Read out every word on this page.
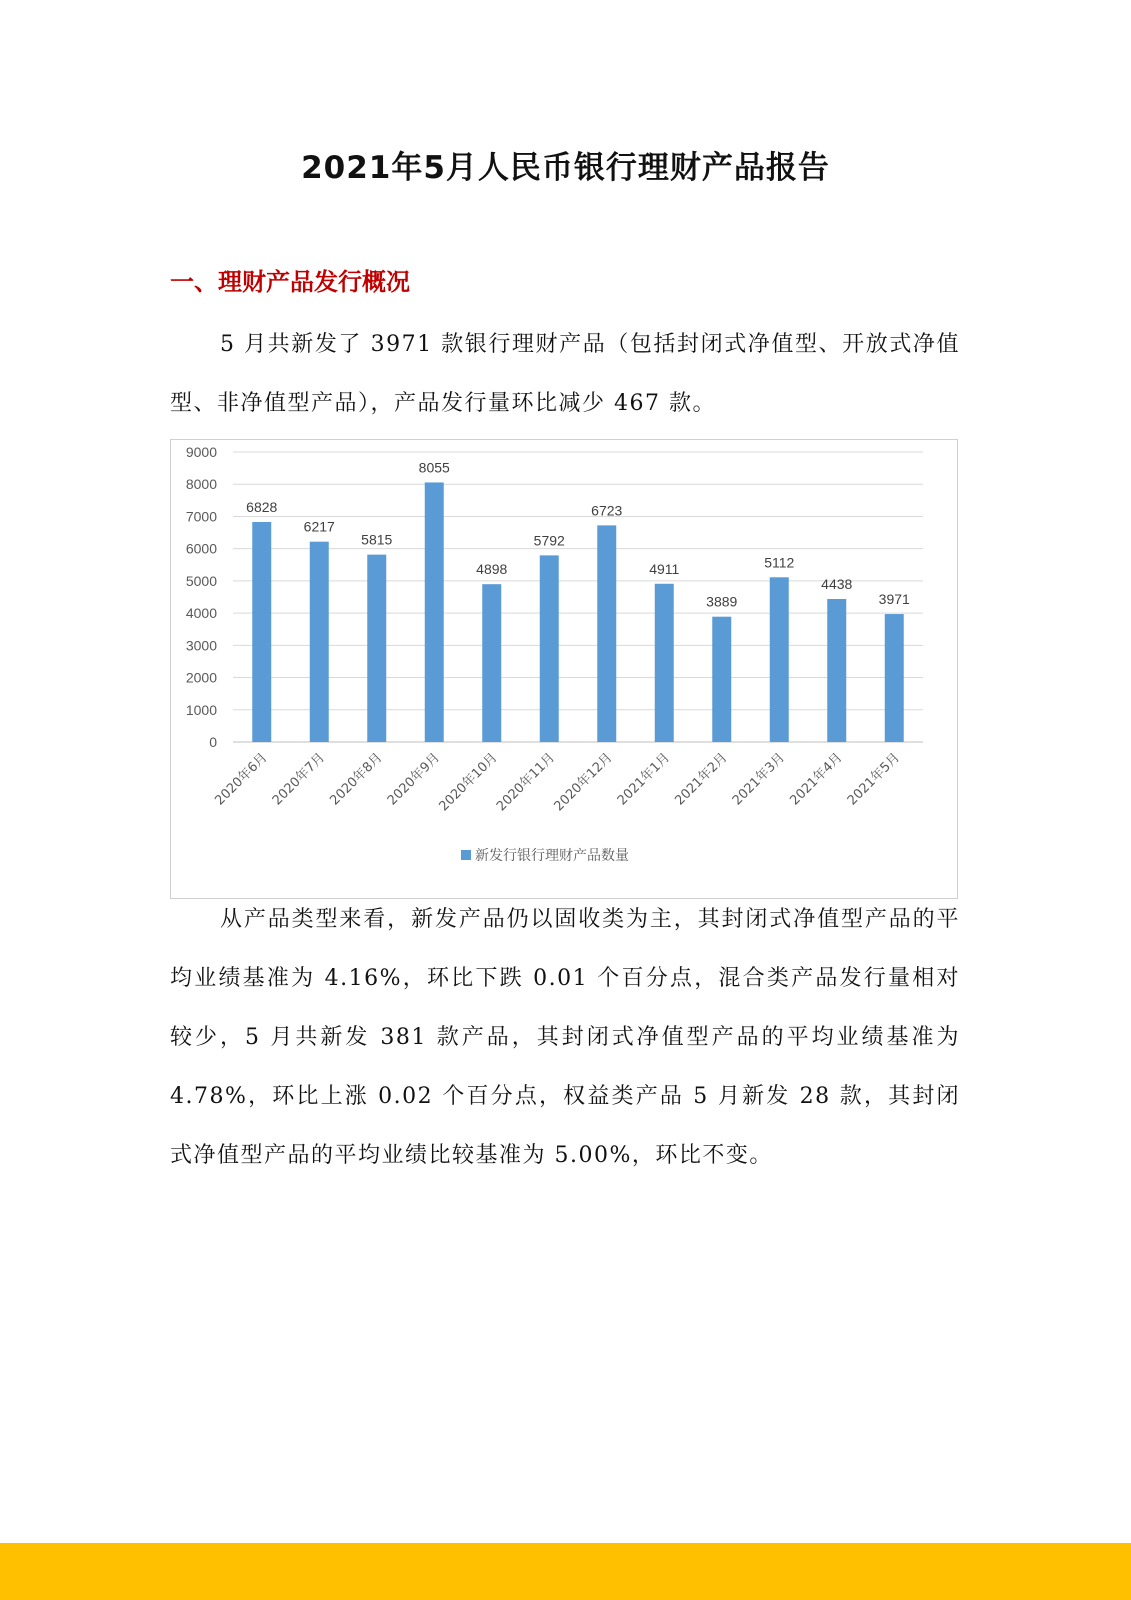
2021年5月人民币银行理财产品报告
一、理财产品发行概况

5 月共新发了 3971 款银行理财产品（包括封闭式净值型、开放式净值型、非净值型产品），产品发行量环比减少 467 款。

0
1000
2000
3000
4000
5000
6000
7000
8000
9000
6828
2020年6月
6217
2020年7月
5815
2020年8月
8055
2020年9月
4898
2020年10月
5792
2020年11月
6723
2020年12月
4911
2021年1月
3889
2021年2月
5112
2021年3月
4438
2021年4月
3971
2021年5月
新发行银行理财产品数量

从产品类型来看，新发产品仍以固收类为主，其封闭式净值型产品的平均业绩基准为 4.16%，环比下跌 0.01 个百分点，混合类产品发行量相对较少，5 月共新发 381 款产品，其封闭式净值型产品的平均业绩基准为 4.78%，环比上涨 0.02 个百分点，权益类产品 5 月新发 28 款，其封闭式净值型产品的平均业绩比较基准为 5.00%，环比不变。
